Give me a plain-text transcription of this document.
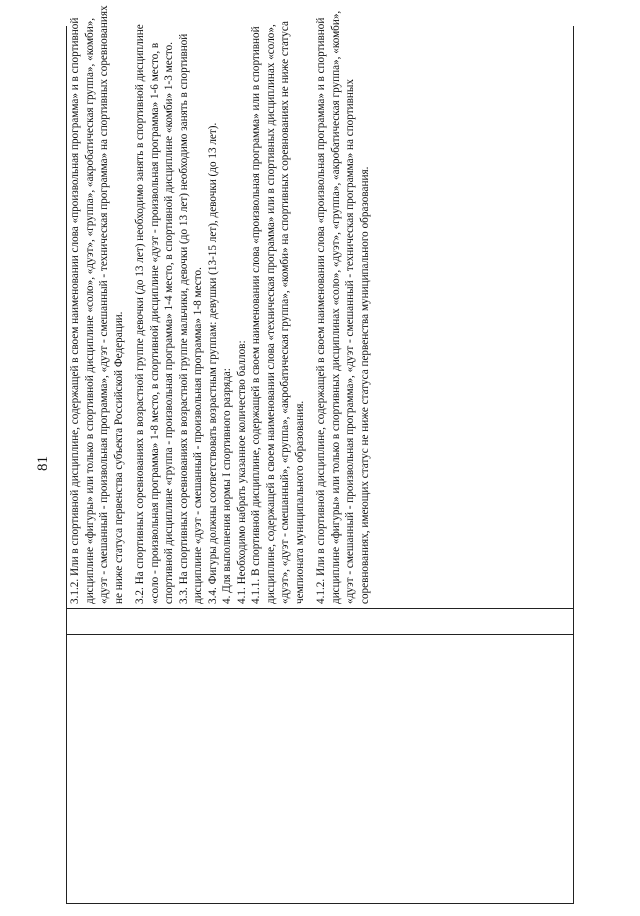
81 3.1.2. Или в спортивной дисциплине, содержащей в своем наименовании слова «произвольная программа» и в спортивной дисциплине «фигуры» или только в спортивной дисциплине «соло», «дуэт», «группа», «акробатическая группа», «комби», «дуэт - смешанный - произвольная программа», «дуэт - смешанный - техническая программа» на спортивных соревнованиях не ниже статуса первенства субъекта Российской Федерации. 3.2. На спортивных соревнованиях в возрастной группе девочки (до 13 лет) необходимо занять в спортивной дисциплине «соло - произвольная программа» 1-8 место, в спортивной дисциплине «дуэт - произвольная программа» 1-6 место, в спортивной дисциплине «группа - произвольная программа» 1-4 место, в спортивной дисциплине «комби» 1-3 место. 3.3. На спортивных соревнованиях в возрастной группе мальчики, девочки (до 13 лет) необходимо занять в спортивной дисциплине «дуэт - смешанный - произвольная программа» 1-8 место. 3.4. Фигуры должны соответствовать возрастным группам: девушки (13-15 лет), девочки (до 13 лет). 4. Для выполнения нормы I спортивного разряда: 4.1. Необходимо набрать указанное количество баллов: 4.1.1. В спортивной дисциплине, содержащей в своем наименовании слова «произвольная программа» или в спортивной дисциплине, содержащей в своем наименовании слова «техническая программа» или в спортивных дисциплинах «соло», «дуэт», «дуэт - смешанный», «группа», «акробатическая группа», «комби» на спортивных соревнованиях не ниже статуса чемпионата муниципального образования. 4.1.2. Или в спортивной дисциплине, содержащей в своем наименовании слова «произвольная программа» и в спортивной дисциплине «фигуры» или только в спортивных дисциплинах «соло», «дуэт», «группа», «акробатическая группа», «комби», «дуэт - смешанный - произвольная программа», «дуэт - смешанный - техническая программа» на спортивных соревнованиях, имеющих статус не ниже статуса первенства муниципального образования.
